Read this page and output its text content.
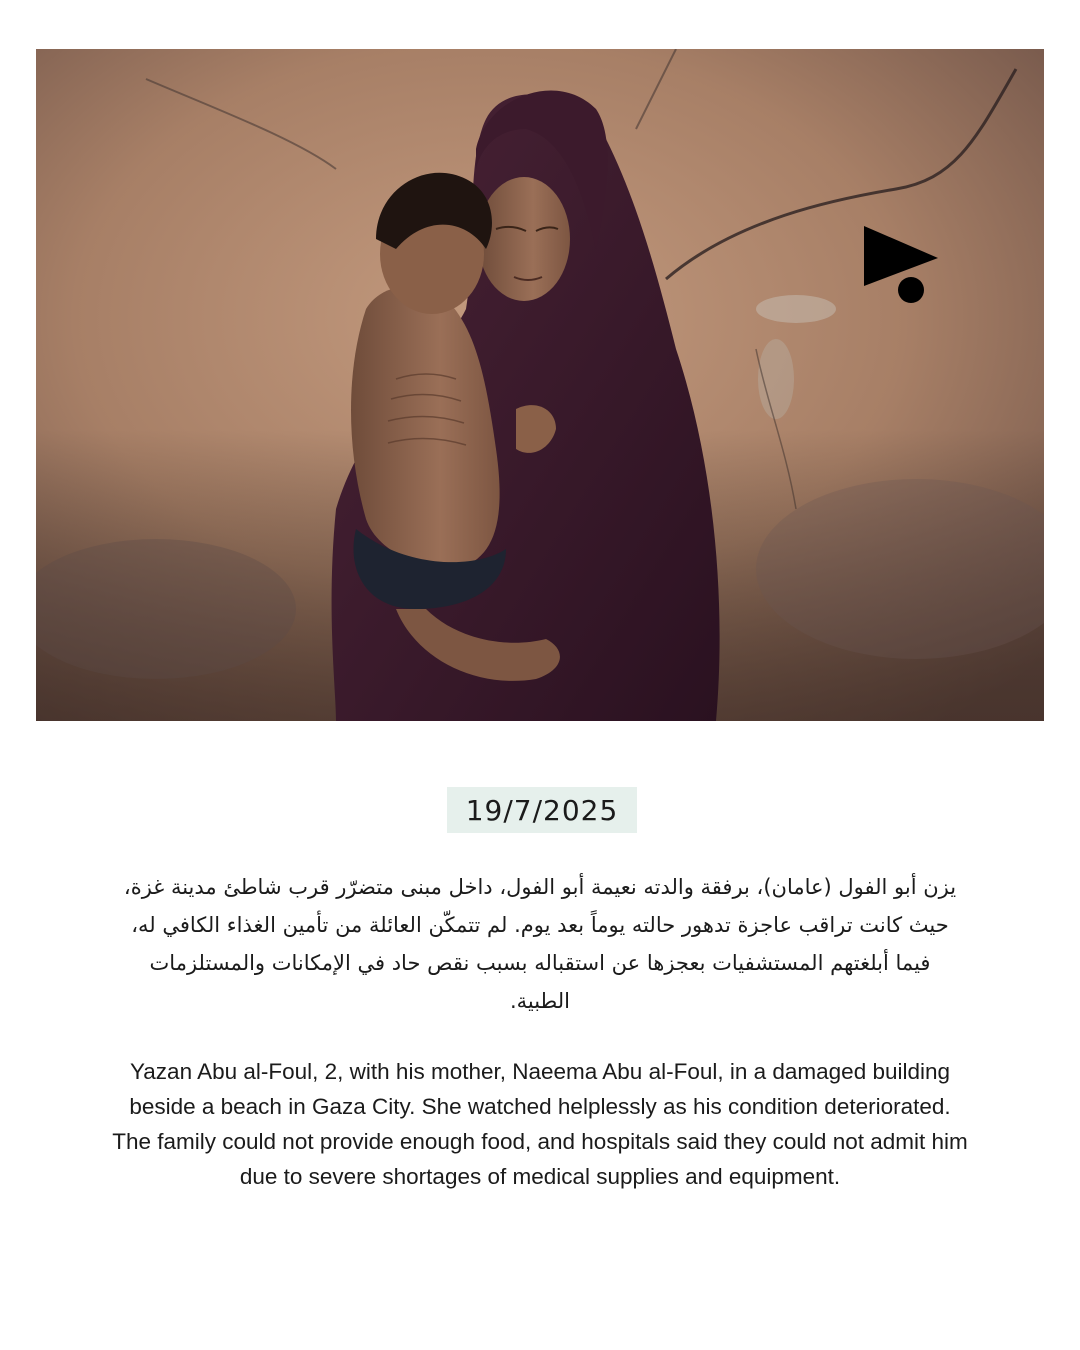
19/7/2025
يزن أبو الفول (عامان)، برفقة والدته نعيمة أبو الفول، داخل مبنى متضرّر قرب شاطئ مدينة غزة، حيث كانت تراقب عاجزة تدهور حالته يوماً بعد يوم. لم تتمكّن العائلة من تأمين الغذاء الكافي له، فيما أبلغتهم المستشفيات بعجزها عن استقباله بسبب نقص حاد في الإمكانات والمستلزمات الطبية.
Yazan Abu al-Foul, 2, with his mother, Naeema Abu al-Foul, in a damaged building beside a beach in Gaza City. She watched helplessly as his condition deteriorated. The family could not provide enough food, and hospitals said they could not admit him due to severe shortages of medical supplies and equipment.
